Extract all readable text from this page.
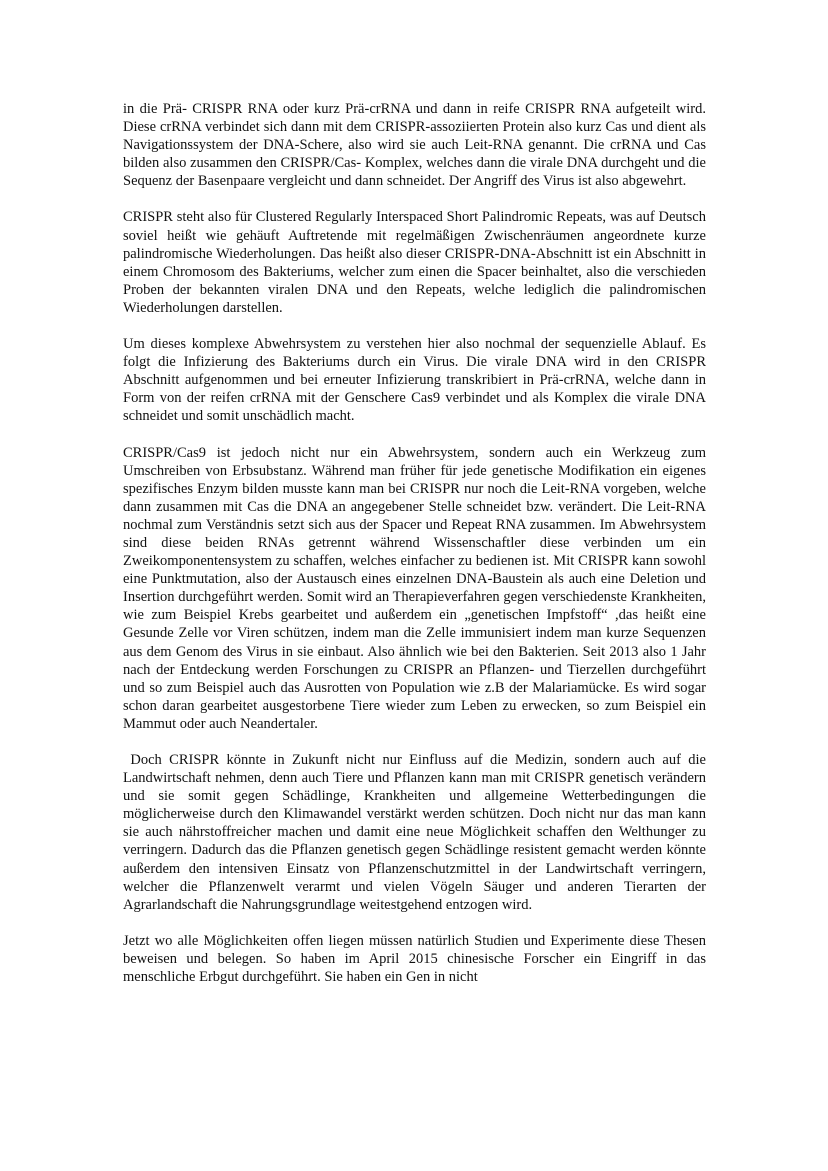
in die Prä- CRISPR RNA oder kurz Prä-crRNA und dann in reife CRISPR RNA aufgeteilt wird. Diese crRNA verbindet sich dann mit dem CRISPR-assoziierten Protein also kurz Cas und dient als Navigationssystem der DNA-Schere, also wird sie auch Leit-RNA genannt. Die crRNA und Cas bilden also zusammen den CRISPR/Cas- Komplex, welches dann die virale DNA durchgeht und die Sequenz der Basenpaare vergleicht und dann schneidet. Der Angriff des Virus ist also abgewehrt.

CRISPR steht also für Clustered Regularly Interspaced Short Palindromic Repeats, was auf Deutsch soviel heißt wie gehäuft Auftretende mit regelmäßigen Zwischenräumen angeordnete kurze palindromische Wiederholungen. Das heißt also dieser CRISPR-DNA-Abschnitt ist ein Abschnitt in einem Chromosom des Bakteriums, welcher zum einen die Spacer beinhaltet, also die verschieden Proben der bekannten viralen DNA und den Repeats, welche lediglich die palindromischen Wiederholungen darstellen.

Um dieses komplexe Abwehrsystem zu verstehen hier also nochmal der sequenzielle Ablauf. Es folgt die Infizierung des Bakteriums durch ein Virus. Die virale DNA wird in den CRISPR Abschnitt aufgenommen und bei erneuter Infizierung transkribiert in Prä-crRNA, welche dann in Form von der reifen crRNA mit der Genschere Cas9 verbindet und als Komplex die virale DNA schneidet und somit unschädlich macht.

CRISPR/Cas9 ist jedoch nicht nur ein Abwehrsystem, sondern auch ein Werkzeug zum Umschreiben von Erbsubstanz. Während man früher für jede genetische Modifikation ein eigenes spezifisches Enzym bilden musste kann man bei CRISPR nur noch die Leit-RNA vorgeben, welche dann zusammen mit Cas die DNA an angegebener Stelle schneidet bzw. verändert. Die Leit-RNA nochmal zum Verständnis setzt sich aus der Spacer und Repeat RNA zusammen. Im Abwehrsystem sind diese beiden RNAs getrennt während Wissenschaftler diese verbinden um ein Zweikomponentensystem zu schaffen, welches einfacher zu bedienen ist. Mit CRISPR kann sowohl eine Punktmutation, also der Austausch eines einzelnen DNA-Baustein als auch eine Deletion und Insertion durchgeführt werden. Somit wird an Therapieverfahren gegen verschiedenste Krankheiten, wie zum Beispiel Krebs gearbeitet und außerdem ein „genetischen Impfstoff“ ,das heißt eine Gesunde Zelle vor Viren schützen, indem man die Zelle immunisiert indem man kurze Sequenzen aus dem Genom des Virus in sie einbaut. Also ähnlich wie bei den Bakterien. Seit 2013 also 1 Jahr nach der Entdeckung werden Forschungen zu CRISPR an Pflanzen- und Tierzellen durchgeführt und so zum Beispiel auch das Ausrotten von Population wie z.B der Malariamücke. Es wird sogar schon daran gearbeitet ausgestorbene Tiere wieder zum Leben zu erwecken, so zum Beispiel ein Mammut oder auch Neandertaler.

Doch CRISPR könnte in Zukunft nicht nur Einfluss auf die Medizin, sondern auch auf die Landwirtschaft nehmen, denn auch Tiere und Pflanzen kann man mit CRISPR genetisch verändern und sie somit gegen Schädlinge, Krankheiten und allgemeine Wetterbedingungen die möglicherweise durch den Klimawandel verstärkt werden schützen. Doch nicht nur das man kann sie auch nährstoffreicher machen und damit eine neue Möglichkeit schaffen den Welthunger zu verringern. Dadurch das die Pflanzen genetisch gegen Schädlinge resistent gemacht werden könnte außerdem den intensiven Einsatz von Pflanzenschutzmittel in der Landwirtschaft verringern, welcher die Pflanzenwelt verarmt und vielen Vögeln Säuger und anderen Tierarten der Agrarlandschaft die Nahrungsgrundlage weitestgehend entzogen wird.

Jetzt wo alle Möglichkeiten offen liegen müssen natürlich Studien und Experimente diese Thesen beweisen und belegen. So haben im April 2015 chinesische Forscher ein Eingriff in das menschliche Erbgut durchgeführt. Sie haben ein Gen in nicht
